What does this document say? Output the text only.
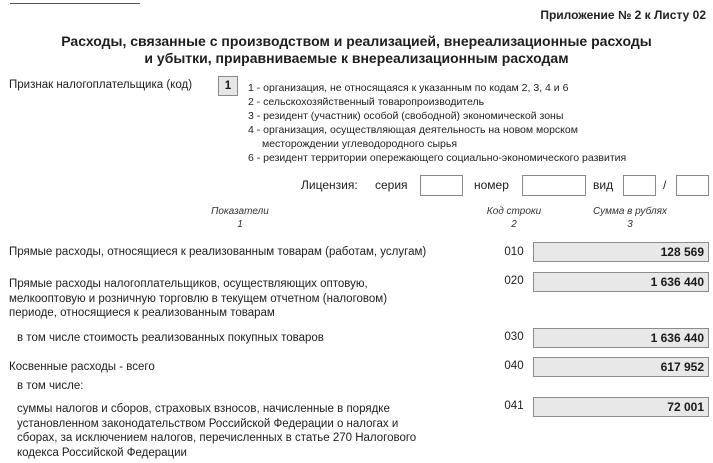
Приложение № 2 к Листу 02
Расходы, связанные с производством и реализацией, внереализационные расходы
и убытки, приравниваемые к внереализационным расходам
Признак налогоплательщика (код)	1	1 - организация, не относящаяся к указанным по кодам 2, 3, 4 и 6
2 - сельскохозяйственный товаропроизводитель
3 - резидент (участник) особой (свободной) экономической зоны
4 - организация, осуществляющая деятельность на новом морском
месторождении углеводородного сырья
6 - резидент территории опережающего социально-экономического развития
Лицензия: серия	номер	вид	/
Показатели
1
Код строки
2
Сумма в рублях
3
Прямые расходы, относящиеся к реализованным товарам (работам, услугам)	010	128 569
Прямые расходы налогоплательщиков, осуществляющих оптовую,
мелкооптовую и розничную торговлю в текущем отчетном (налоговом)
периоде, относящиеся к реализованным товарам
020	1 636 440
в том числе стоимость реализованных покупных товаров	030	1 636 440
Косвенные расходы - всего	040	617 952
в том числе:
суммы налогов и сборов, страховых взносов, начисленные в порядке
установленном законодательством Российской Федерации о налогах и
сборах, за исключением налогов, перечисленных в статье 270 Налогового
кодекса Российской Федерации
041	72 001
